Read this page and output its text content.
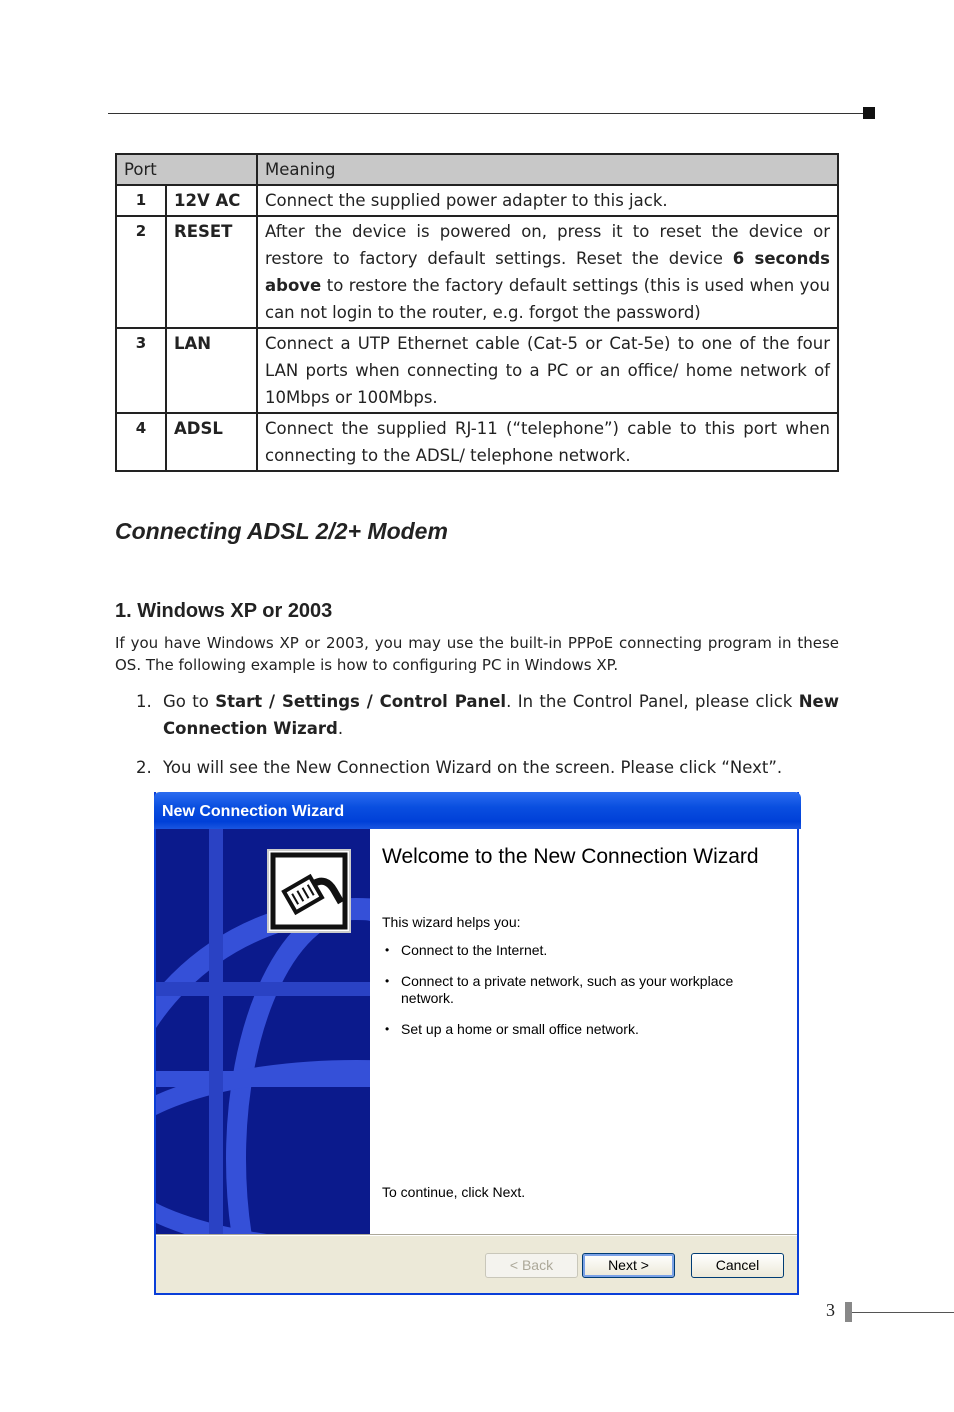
Port		Meaning
1	12V AC	Connect the supplied power adapter to this jack.
2	RESET	After the device is powered on, press it to reset the device or restore to factory default settings. Reset the device 6 seconds above to restore the factory default settings (this is used when you can not login to the router, e.g. forgot the password)
3	LAN	Connect a UTP Ethernet cable (Cat-5 or Cat-5e) to one of the four LAN ports when connecting to a PC or an office/ home network of 10Mbps or 100Mbps.
4	ADSL	Connect the supplied RJ-11 (“telephone”) cable to this port when connecting to the ADSL/ telephone network.
Connecting ADSL 2/2+ Modem
1. Windows XP or 2003
If you have Windows XP or 2003, you may use the built-in PPPoE connecting program in these OS. The following example is how to configuring PC in Windows XP.
1. Go to Start / Settings / Control Panel. In the Control Panel, please click New Connection Wizard.
2. You will see the New Connection Wizard on the screen. Please click “Next”.
New Connection Wizard
Welcome to the New Connection Wizard
This wizard helps you:
• Connect to the Internet.
• Connect to a private network, such as your workplace network.
• Set up a home or small office network.
To continue, click Next.
< Back	Next >	Cancel
3
